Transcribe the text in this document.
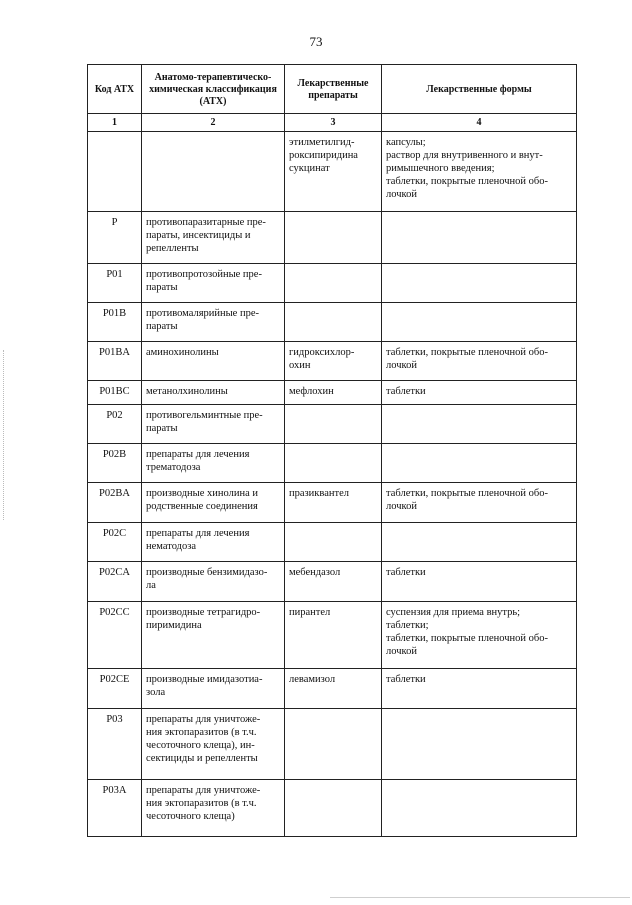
73
Код АТХ	Анатомо-терапевтическо-химическая классификация (АТХ)	Лекарственные препараты	Лекарственные формы
1	2	3	4

		этилметилгид-
роксипиридина
сукцинат	капсулы;
раствор для внутривенного и внут-
римышечного введения;
таблетки, покрытые пленочной обо-
лочкой

P	противопаразитарные пре-
параты, инсектициды и
репелленты		

P01	противопротозойные пре-
параты		

P01B	противомалярийные пре-
параты		

P01BA	аминохинолины	гидроксихлор-
охин	таблетки, покрытые пленочной обо-
лочкой

P01BC	метанолхинолины	мефлохин	таблетки

P02	противогельминтные пре-
параты		

P02B	препараты для лечения
трематодоза		

P02BA	производные хинолина и
родственные соединения	празиквантел	таблетки, покрытые пленочной обо-
лочкой

P02C	препараты для лечения
нематодоза		

P02CA	производные бензимидазо-
ла	мебендазол	таблетки

P02CC	производные тетрагидро-
пиримидина	пирантел	суспензия для приема внутрь;
таблетки;
таблетки, покрытые пленочной обо-
лочкой

P02CE	производные имидазотиа-
зола	левамизол	таблетки

P03	препараты для уничтоже-
ния эктопаразитов (в т.ч.
чесоточного клеща), ин-
сектициды и репелленты		

P03A	препараты для уничтоже-
ния эктопаразитов (в т.ч.
чесоточного клеща)		
